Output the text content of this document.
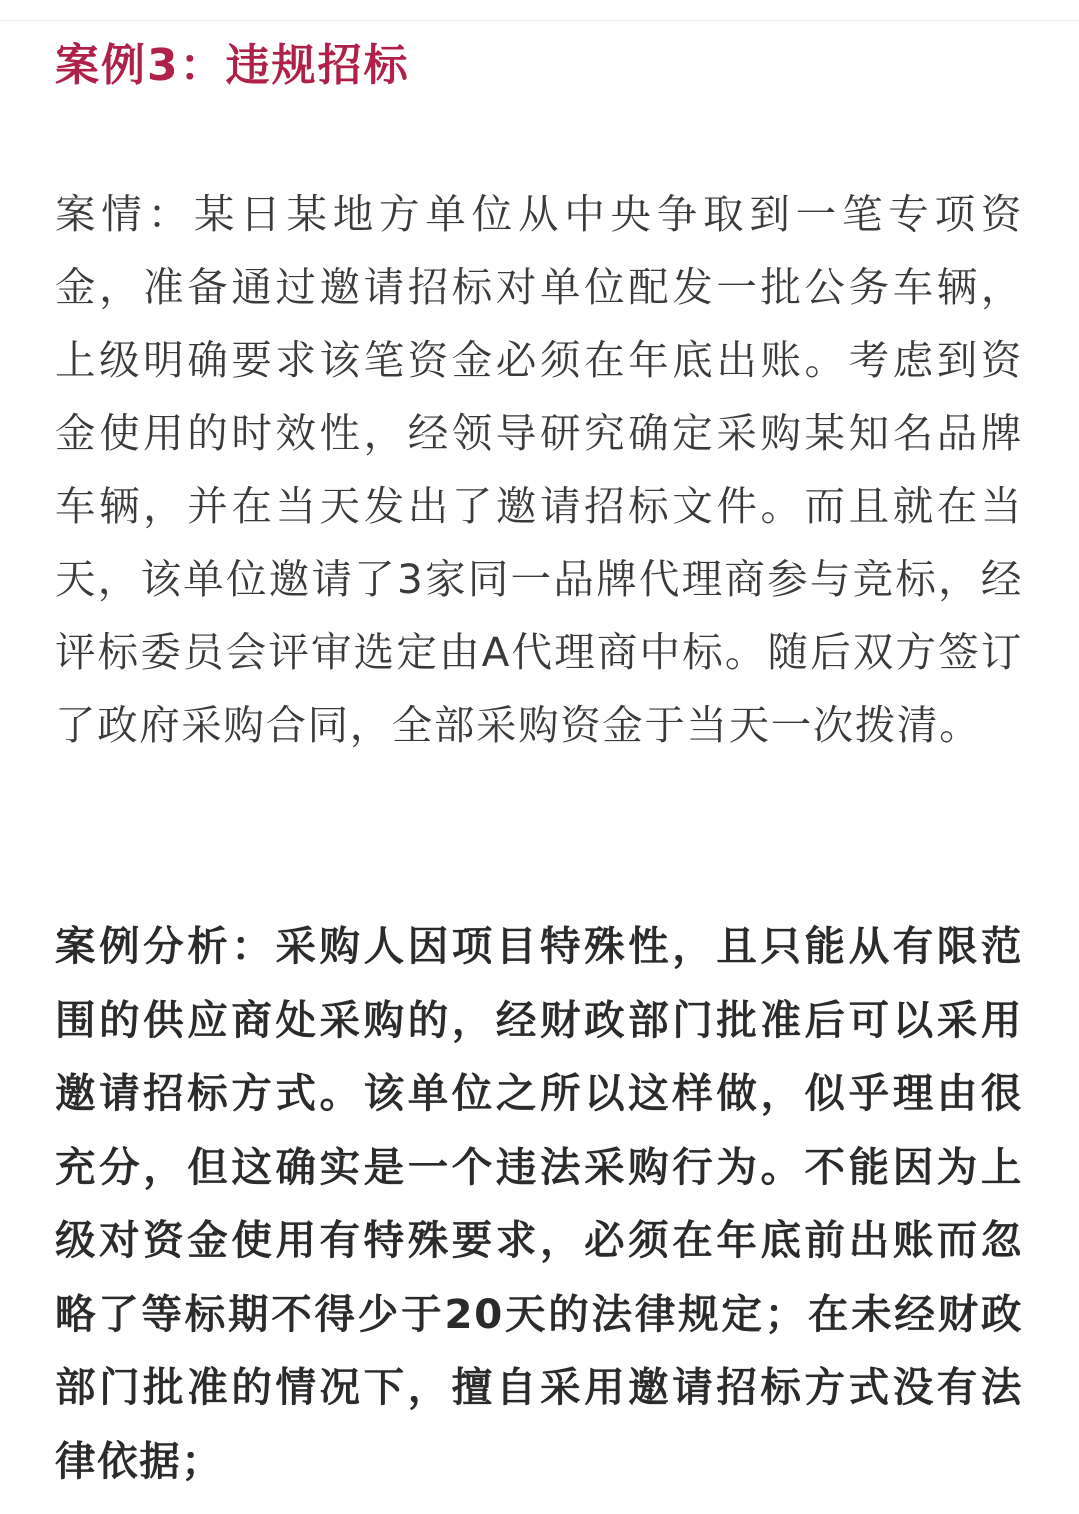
案例3：违规招标

案情：某日某地方单位从中央争取到一笔专项资金，准备通过邀请招标对单位配发一批公务车辆，上级明确要求该笔资金必须在年底出账。考虑到资金使用的时效性，经领导研究确定采购某知名品牌车辆，并在当天发出了邀请招标文件。而且就在当天，该单位邀请了3家同一品牌代理商参与竞标，经评标委员会评审选定由A代理商中标。随后双方签订了政府采购合同，全部采购资金于当天一次拨清。

案例分析：采购人因项目特殊性，且只能从有限范围的供应商处采购的，经财政部门批准后可以采用邀请招标方式。该单位之所以这样做，似乎理由很充分，但这确实是一个违法采购行为。不能因为上级对资金使用有特殊要求，必须在年底前出账而忽略了等标期不得少于20天的法律规定；在未经财政部门批准的情况下，擅自采用邀请招标方式没有法律依据；
